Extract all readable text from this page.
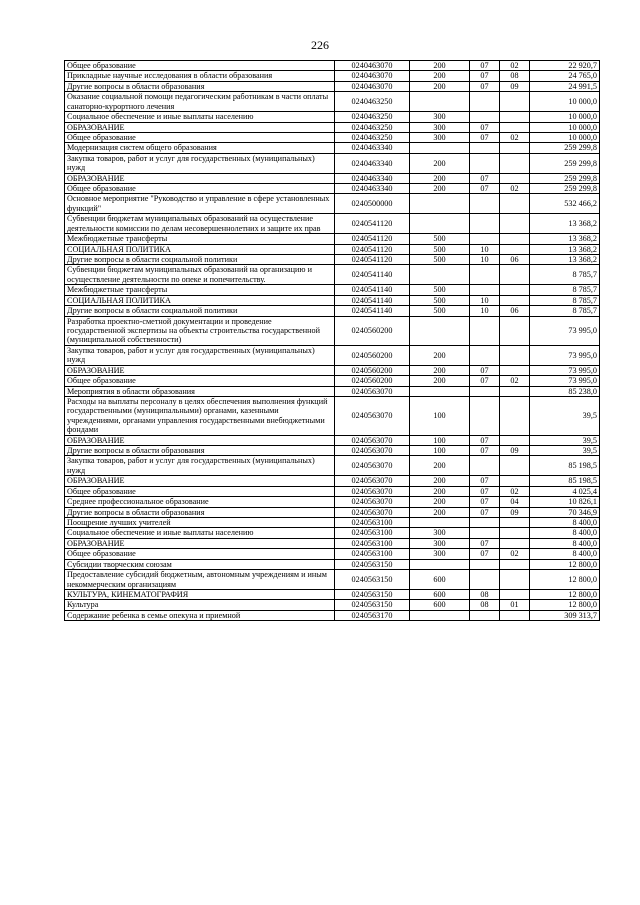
226
Общее образование	0240463070	200	07	02	22 920,7
Прикладные научные исследования в области образования	0240463070	200	07	08	24 765,0
Другие вопросы в области образования	0240463070	200	07	09	24 991,5
Оказание социальной помощи педагогическим работникам в части оплаты санаторно-курортного лечения	0240463250				10 000,0
Социальное обеспечение и иные выплаты населению	0240463250	300			10 000,0
ОБРАЗОВАНИЕ	0240463250	300	07		10 000,0
Общее образование	0240463250	300	07	02	10 000,0
Модернизация систем общего образования	0240463340				259 299,8
Закупка товаров, работ и услуг для государственных (муниципальных) нужд	0240463340	200			259 299,8
ОБРАЗОВАНИЕ	0240463340	200	07		259 299,8
Общее образование	0240463340	200	07	02	259 299,8
Основное мероприятие "Руководство и управление в сфере установленных функций"	0240500000				532 466,2
Субвенции бюджетам муниципальных образований на осуществление деятельности комиссии по делам несовершеннолетних и защите их прав	0240541120				13 368,2
Межбюджетные трансферты	0240541120	500			13 368,2
СОЦИАЛЬНАЯ ПОЛИТИКА	0240541120	500	10		13 368,2
Другие вопросы в области социальной политики	0240541120	500	10	06	13 368,2
Субвенции бюджетам муниципальных образований на организацию и осуществление деятельности по опеке и попечительству.	0240541140				8 785,7
Межбюджетные трансферты	0240541140	500			8 785,7
СОЦИАЛЬНАЯ ПОЛИТИКА	0240541140	500	10		8 785,7
Другие вопросы в области социальной политики	0240541140	500	10	06	8 785,7
Разработка проектно-сметной документации и проведение государственной экспертизы на объекты строительства государственной (муниципальной собственности)	0240560200				73 995,0
Закупка товаров, работ и услуг для государственных (муниципальных) нужд	0240560200	200			73 995,0
ОБРАЗОВАНИЕ	0240560200	200	07		73 995,0
Общее образование	0240560200	200	07	02	73 995,0
Мероприятия в области образования	0240563070				85 238,0
Расходы на выплаты персоналу в целях обеспечения выполнения функций государственными (муниципальными) органами, казенными учреждениями, органами управления государственными внебюджетными фондами	0240563070	100			39,5
ОБРАЗОВАНИЕ	0240563070	100	07		39,5
Другие вопросы в области образования	0240563070	100	07	09	39,5
Закупка товаров, работ и услуг для государственных (муниципальных) нужд	0240563070	200			85 198,5
ОБРАЗОВАНИЕ	0240563070	200	07		85 198,5
Общее образование	0240563070	200	07	02	4 025,4
Среднее профессиональное образование	0240563070	200	07	04	10 826,1
Другие вопросы в области образования	0240563070	200	07	09	70 346,9
Поощрение лучших учителей	0240563100				8 400,0
Социальное обеспечение и иные выплаты населению	0240563100	300			8 400,0
ОБРАЗОВАНИЕ	0240563100	300	07		8 400,0
Общее образование	0240563100	300	07	02	8 400,0
Субсидии творческим союзам	0240563150				12 800,0
Предоставление субсидий бюджетным, автономным учреждениям и иным некоммерческим организациям	0240563150	600			12 800,0
КУЛЬТУРА, КИНЕМАТОГРАФИЯ	0240563150	600	08		12 800,0
Культура	0240563150	600	08	01	12 800,0
Содержание ребенка в семье опекуна и приемной	0240563170				309 313,7
